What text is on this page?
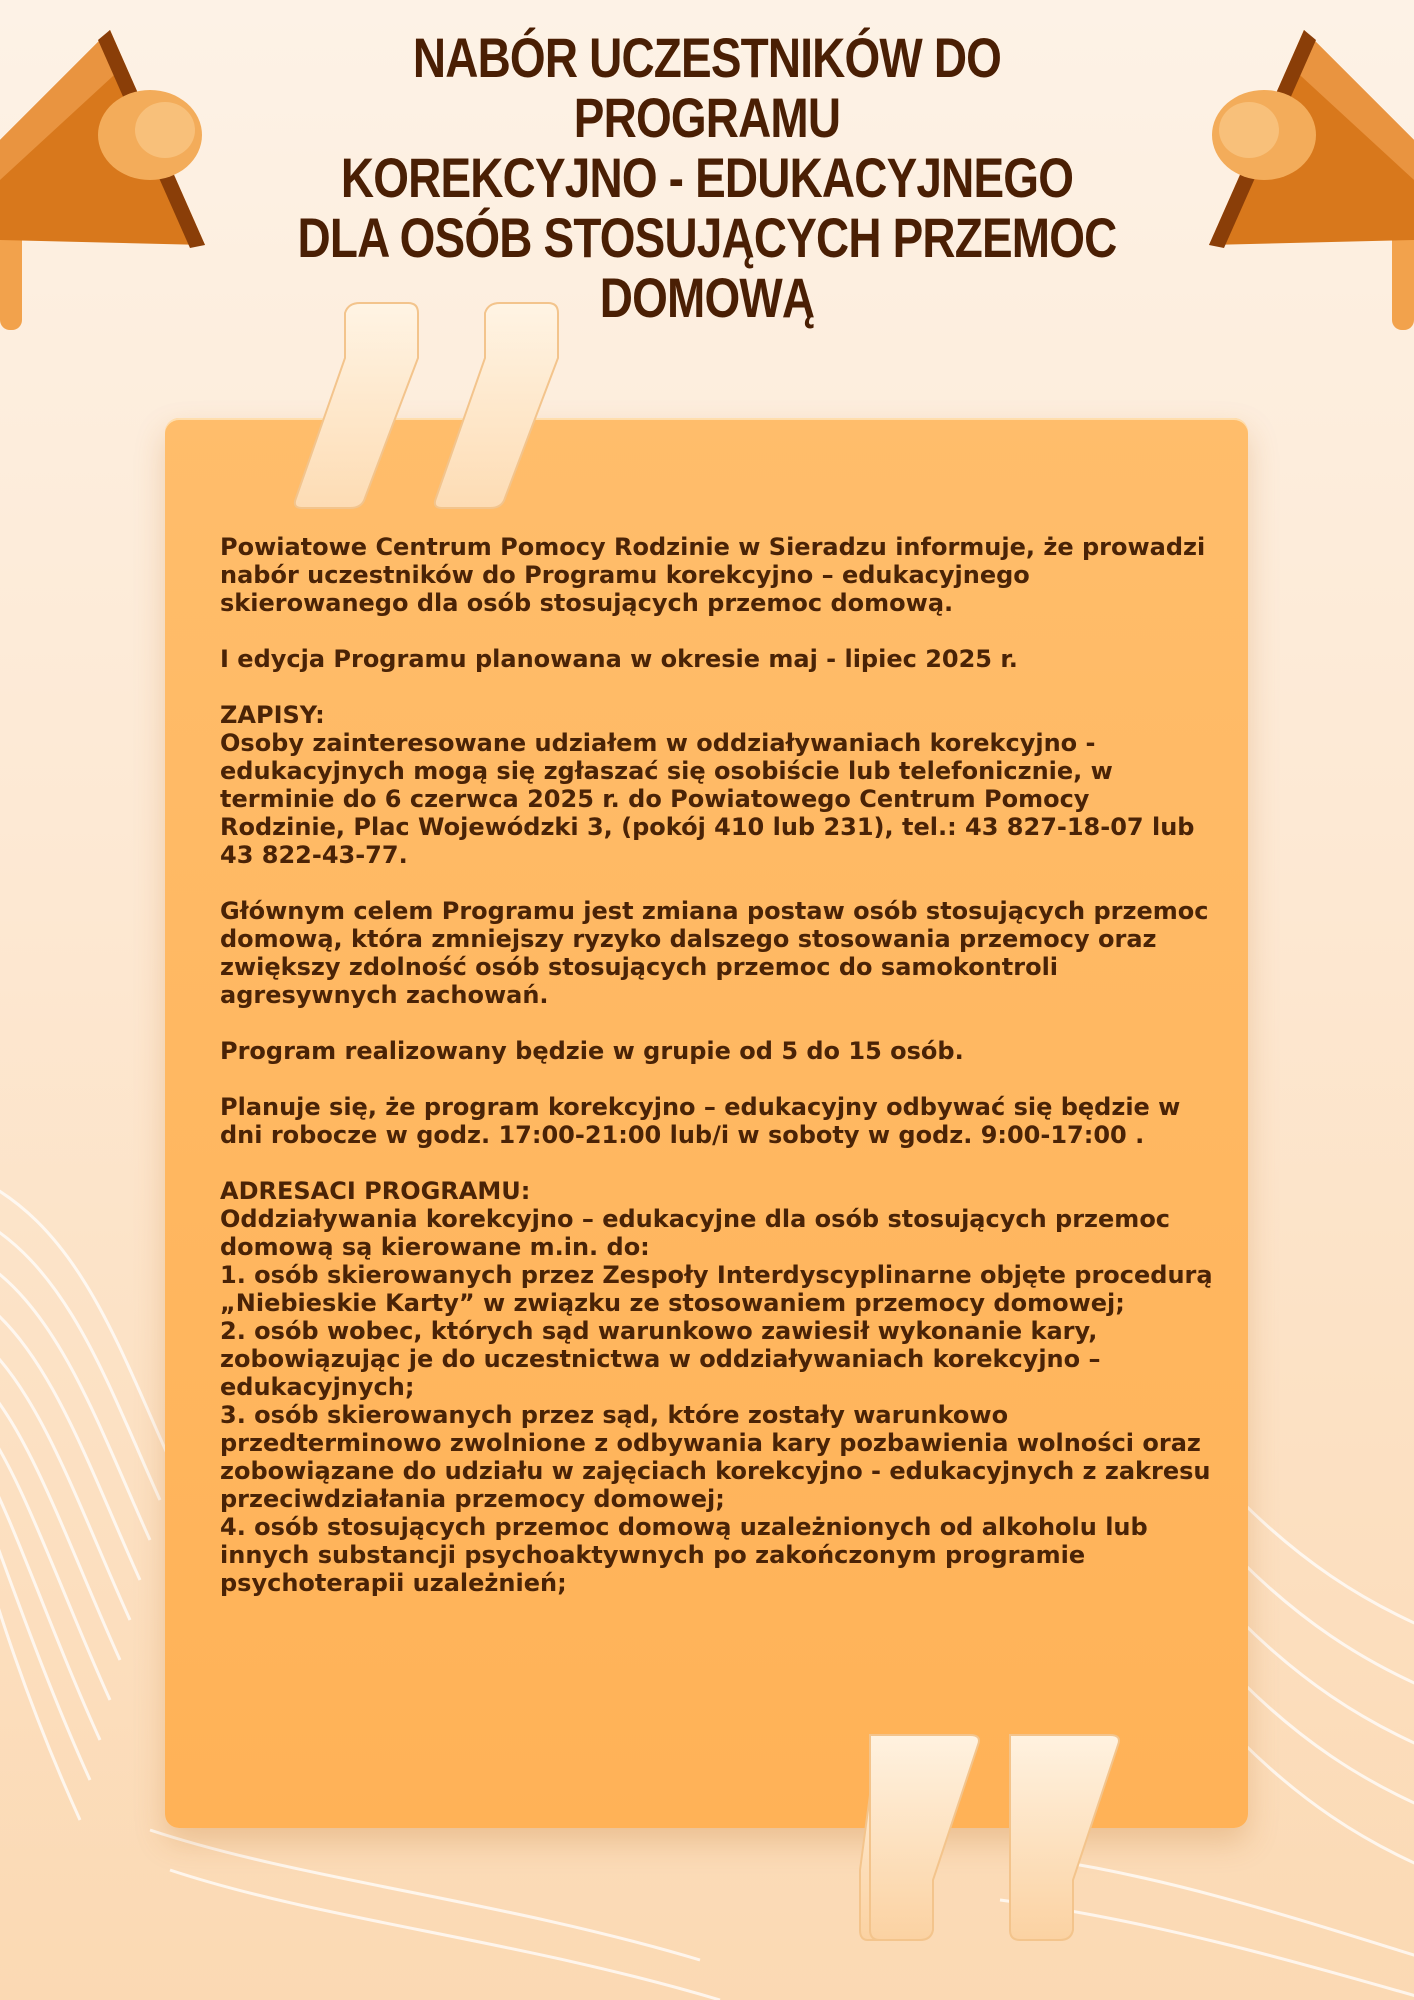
NABÓR UCZESTNIKÓW DO PROGRAMU
KOREKCYJNO - EDUKACYJNEGO
DLA OSÓB STOSUJĄCYCH PRZEMOC DOMOWĄ

Powiatowe Centrum Pomocy Rodzinie w Sieradzu informuje, że prowadzi nabór uczestników do Programu korekcyjno – edukacyjnego skierowanego dla osób stosujących przemoc domową.

I edycja Programu planowana w okresie maj - lipiec 2025 r.

ZAPISY:
Osoby zainteresowane udziałem w oddziaływaniach korekcyjno - edukacyjnych mogą się zgłaszać się osobiście lub telefonicznie, w terminie do 6 czerwca 2025 r. do Powiatowego Centrum Pomocy Rodzinie, Plac Wojewódzki 3, (pokój 410 lub 231), tel.: 43 827-18-07 lub 43 822-43-77.

Głównym celem Programu jest zmiana postaw osób stosujących przemoc domową, która zmniejszy ryzyko dalszego stosowania przemocy oraz zwiększy zdolność osób stosujących przemoc do samokontroli agresywnych zachowań.

Program realizowany będzie w grupie od 5 do 15 osób.

Planuje się, że program korekcyjno – edukacyjny odbywać się będzie w dni robocze w godz. 17:00-21:00 lub/i w soboty w godz. 9:00-17:00 .

ADRESACI PROGRAMU:
Oddziaływania korekcyjno – edukacyjne dla osób stosujących przemoc domową są kierowane m.in. do:
1. osób skierowanych przez Zespoły Interdyscyplinarne objęte procedurą „Niebieskie Karty” w związku ze stosowaniem przemocy domowej;
2. osób wobec, których sąd warunkowo zawiesił wykonanie kary, zobowiązując je do uczestnictwa w oddziaływaniach korekcyjno – edukacyjnych;
3. osób skierowanych przez sąd, które zostały warunkowo przedterminowo zwolnione z odbywania kary pozbawienia wolności oraz zobowiązane do udziału w zajęciach korekcyjno - edukacyjnych z zakresu przeciwdziałania przemocy domowej;
4. osób stosujących przemoc domową uzależnionych od alkoholu lub innych substancji psychoaktywnych po zakończonym programie psychoterapii uzależnień;
